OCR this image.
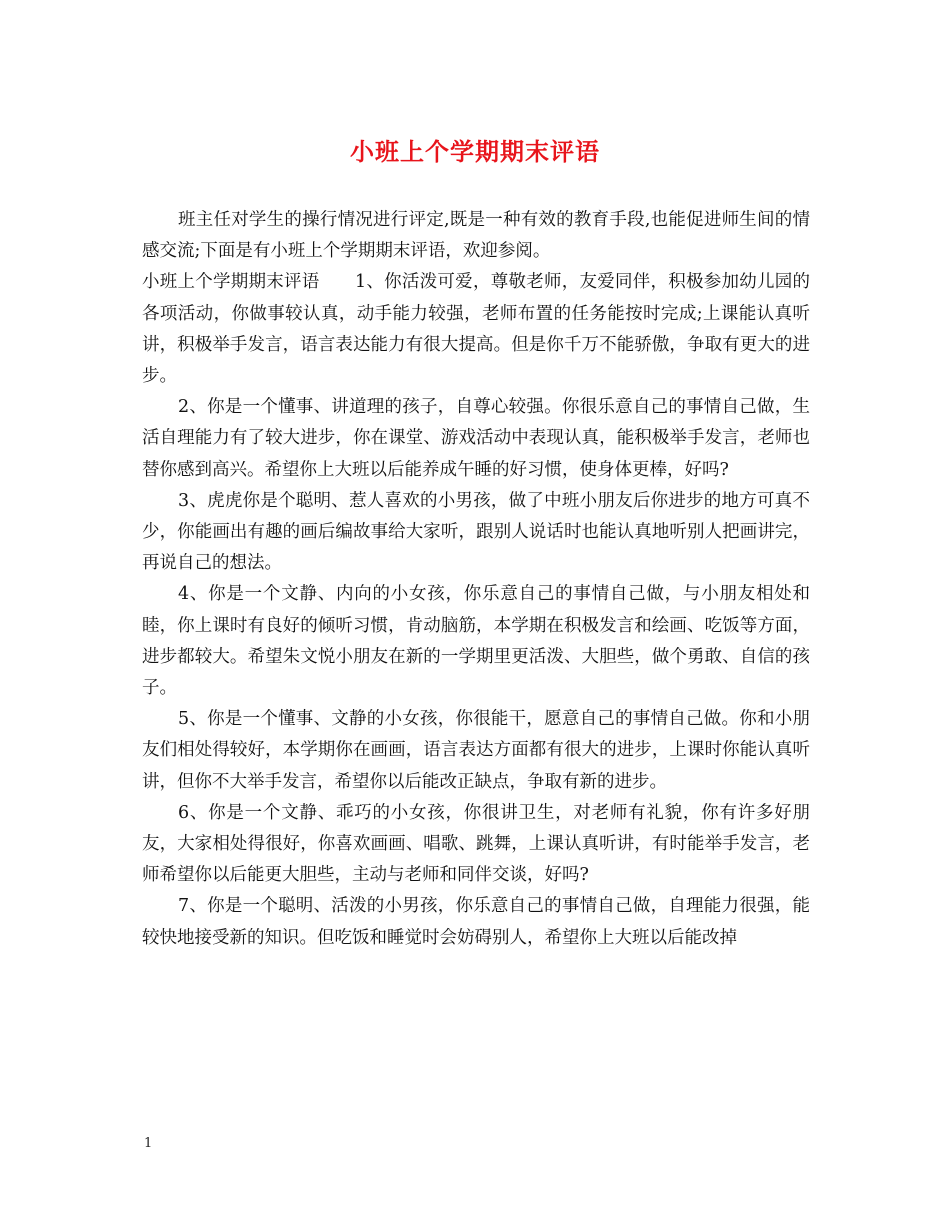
小班上个学期期末评语

班主任对学生的操行情况进行评定,既是一种有效的教育手段,也能促进师生间的情感交流;下面是有小班上个学期期末评语，欢迎参阅。

小班上个学期期末评语　　1、你活泼可爱，尊敬老师，友爱同伴，积极参加幼儿园的各项活动，你做事较认真，动手能力较强，老师布置的任务能按时完成;上课能认真听讲，积极举手发言，语言表达能力有很大提高。但是你千万不能骄傲，争取有更大的进步。

2、你是一个懂事、讲道理的孩子，自尊心较强。你很乐意自己的事情自己做，生活自理能力有了较大进步，你在课堂、游戏活动中表现认真，能积极举手发言，老师也替你感到高兴。希望你上大班以后能养成午睡的好习惯，使身体更棒，好吗?

3、虎虎你是个聪明、惹人喜欢的小男孩，做了中班小朋友后你进步的地方可真不少，你能画出有趣的画后编故事给大家听，跟别人说话时也能认真地听别人把画讲完，再说自己的想法。

4、你是一个文静、内向的小女孩，你乐意自己的事情自己做，与小朋友相处和睦，你上课时有良好的倾听习惯，肯动脑筋，本学期在积极发言和绘画、吃饭等方面，进步都较大。希望朱文悦小朋友在新的一学期里更活泼、大胆些，做个勇敢、自信的孩子。

5、你是一个懂事、文静的小女孩，你很能干，愿意自己的事情自己做。你和小朋友们相处得较好，本学期你在画画，语言表达方面都有很大的进步，上课时你能认真听讲，但你不大举手发言，希望你以后能改正缺点，争取有新的进步。

6、你是一个文静、乖巧的小女孩，你很讲卫生，对老师有礼貌，你有许多好朋友，大家相处得很好，你喜欢画画、唱歌、跳舞，上课认真听讲，有时能举手发言，老师希望你以后能更大胆些，主动与老师和同伴交谈，好吗?

7、你是一个聪明、活泼的小男孩，你乐意自己的事情自己做，自理能力很强，能较快地接受新的知识。但吃饭和睡觉时会妨碍别人，希望你上大班以后能改掉

1
